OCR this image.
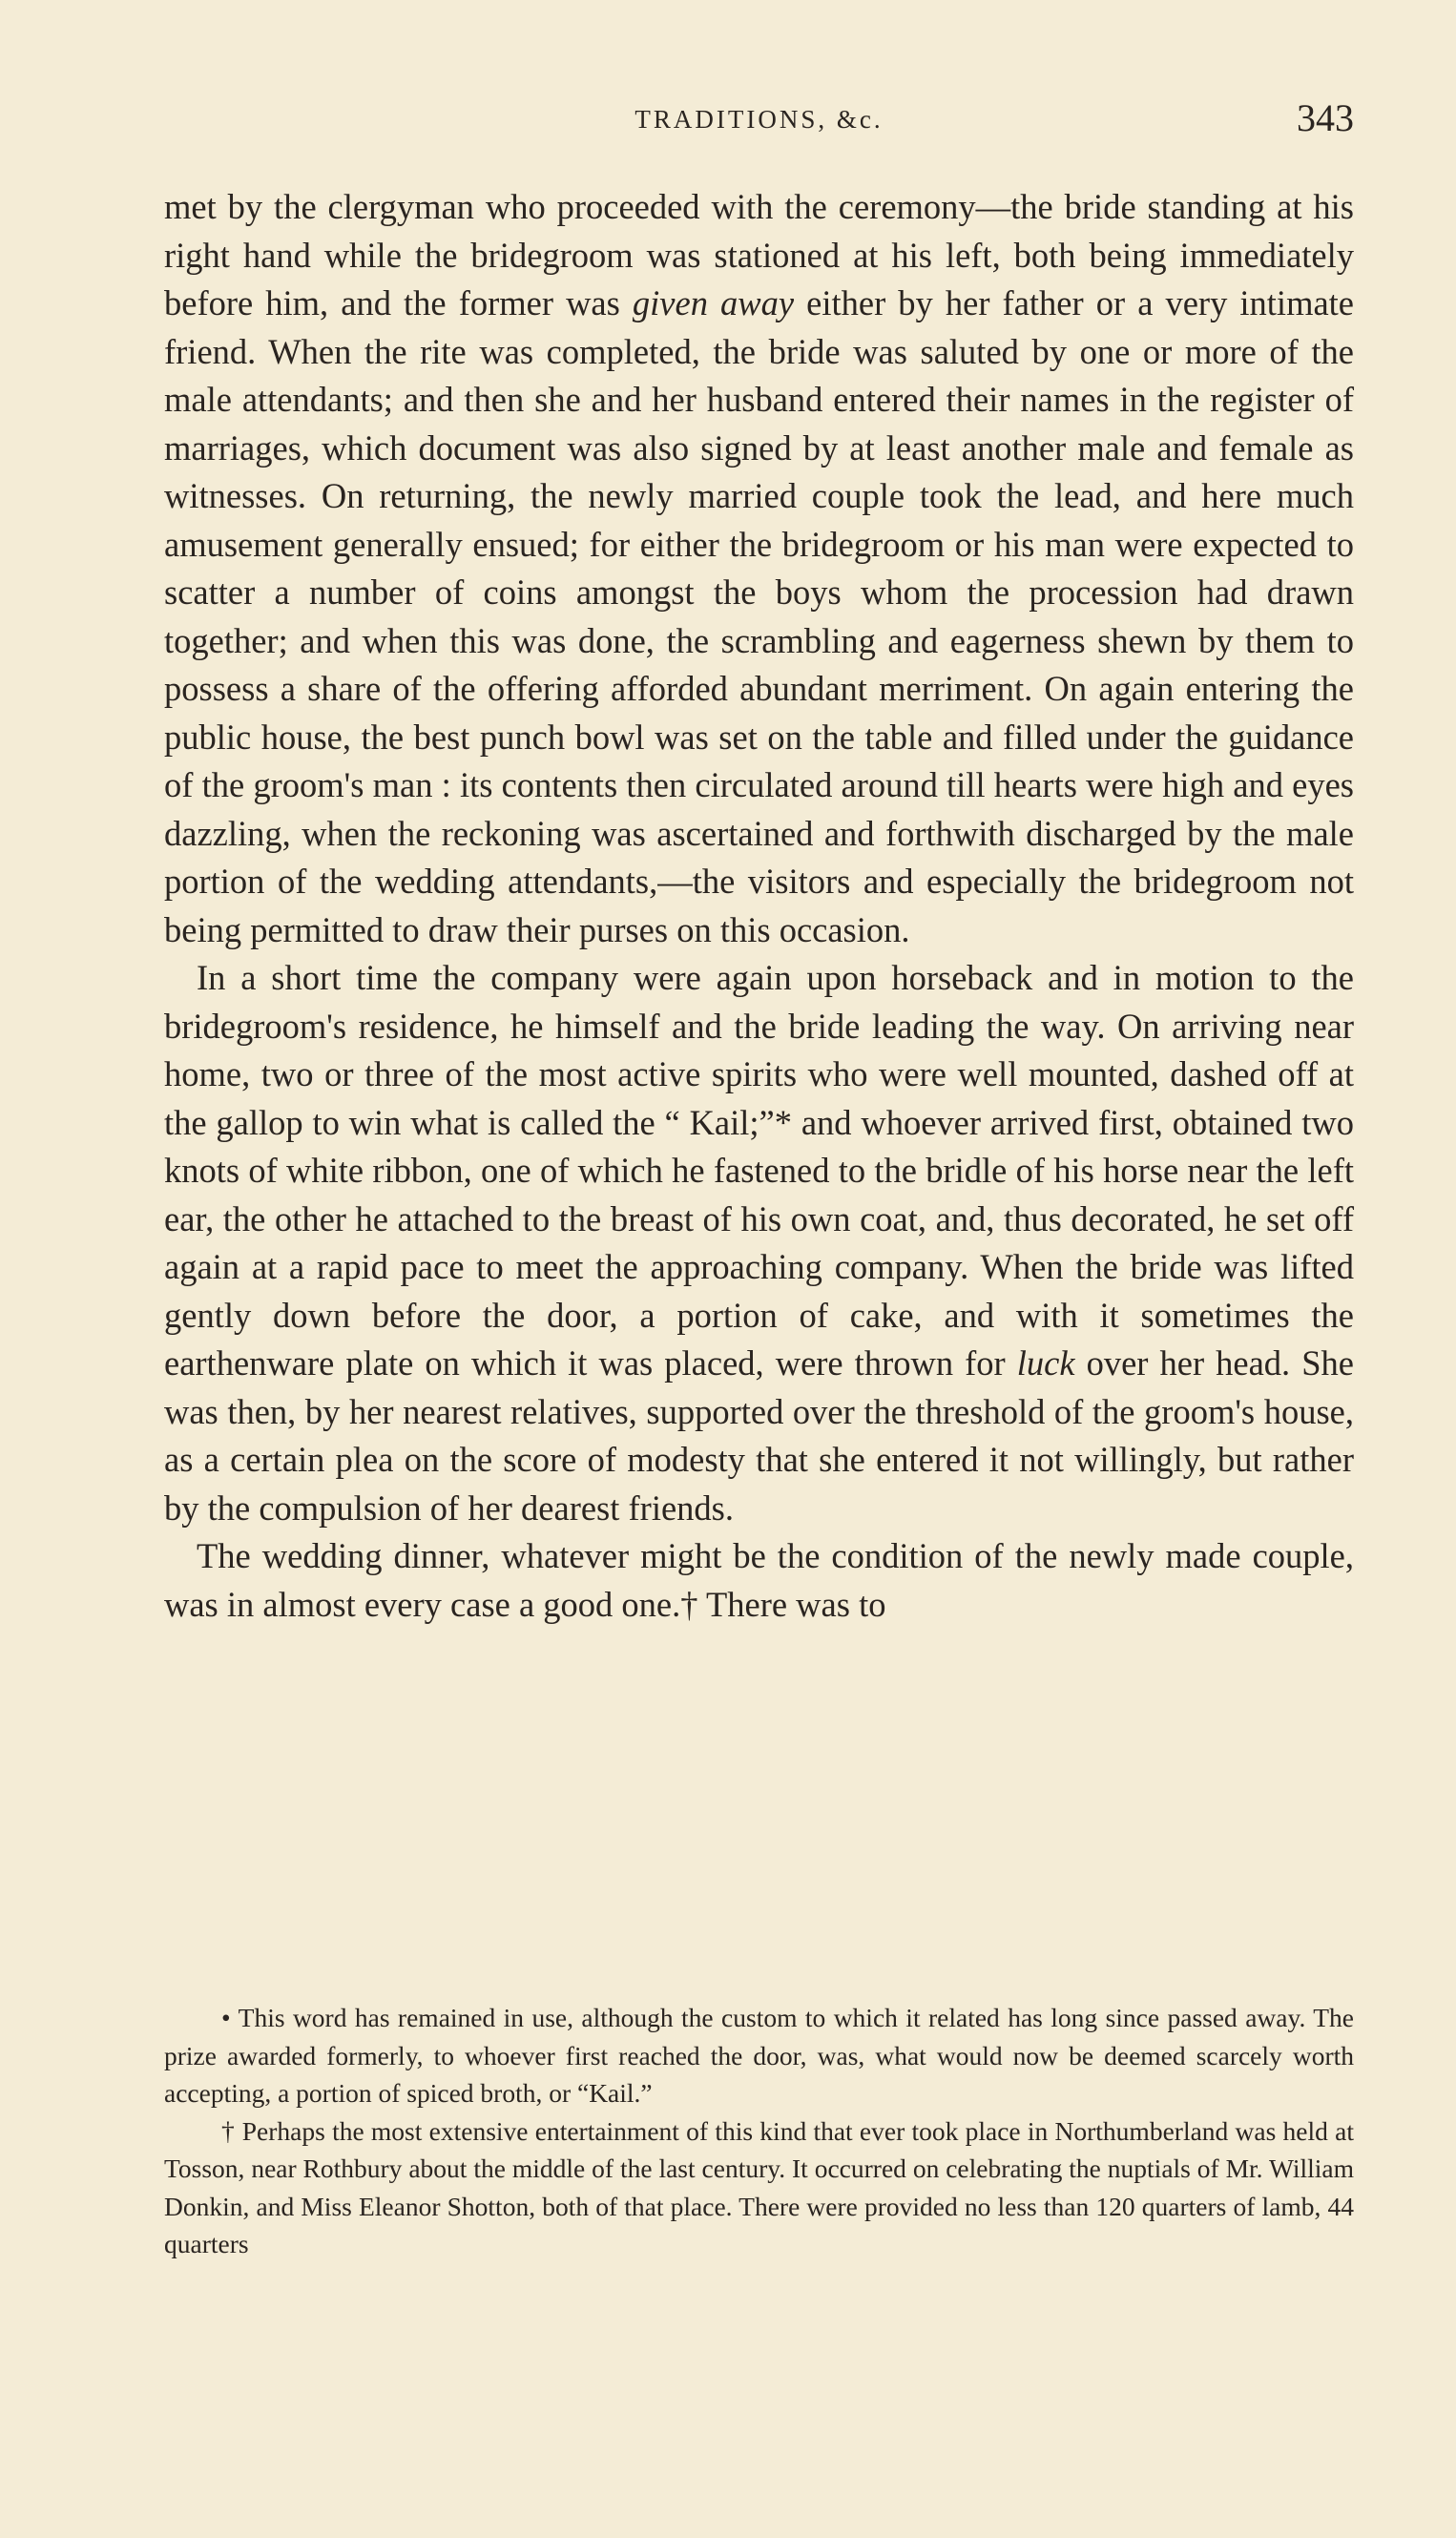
TRADITIONS, &c.	343

met by the clergyman who proceeded with the ceremony—the bride standing at his right hand while the bridegroom was stationed at his left, both being immediately before him, and the former was given away either by her father or a very intimate friend. When the rite was completed, the bride was saluted by one or more of the male attendants; and then she and her husband entered their names in the register of marriages, which document was also signed by at least another male and female as witnesses. On returning, the newly married couple took the lead, and here much amusement generally ensued; for either the bridegroom or his man were expected to scatter a number of coins amongst the boys whom the procession had drawn together; and when this was done, the scrambling and eagerness shewn by them to possess a share of the offering afforded abundant merriment. On again entering the public house, the best punch bowl was set on the table and filled under the guidance of the groom's man : its contents then circulated around till hearts were high and eyes dazzling, when the reckoning was ascertained and forthwith discharged by the male portion of the wedding attendants,—the visitors and especially the bridegroom not being permitted to draw their purses on this occasion.

In a short time the company were again upon horseback and in motion to the bridegroom's residence, he himself and the bride leading the way. On arriving near home, two or three of the most active spirits who were well mounted, dashed off at the gallop to win what is called the “ Kail;”* and whoever arrived first, obtained two knots of white ribbon, one of which he fastened to the bridle of his horse near the left ear, the other he attached to the breast of his own coat, and, thus decorated, he set off again at a rapid pace to meet the approaching company. When the bride was lifted gently down before the door, a portion of cake, and with it sometimes the earthenware plate on which it was placed, were thrown for luck over her head. She was then, by her nearest relatives, supported over the threshold of the groom's house, as a certain plea on the score of modesty that she entered it not willingly, but rather by the compulsion of her dearest friends.

The wedding dinner, whatever might be the condition of the newly made couple, was in almost every case a good one.† There was to

• This word has remained in use, although the custom to which it related has long since passed away. The prize awarded formerly, to whoever first reached the door, was, what would now be deemed scarcely worth accepting, a portion of spiced broth, or “Kail.”

† Perhaps the most extensive entertainment of this kind that ever took place in Northumberland was held at Tosson, near Rothbury about the middle of the last century. It occurred on celebrating the nuptials of Mr. William Donkin, and Miss Eleanor Shotton, both of that place. There were provided no less than 120 quarters of lamb, 44 quarters
